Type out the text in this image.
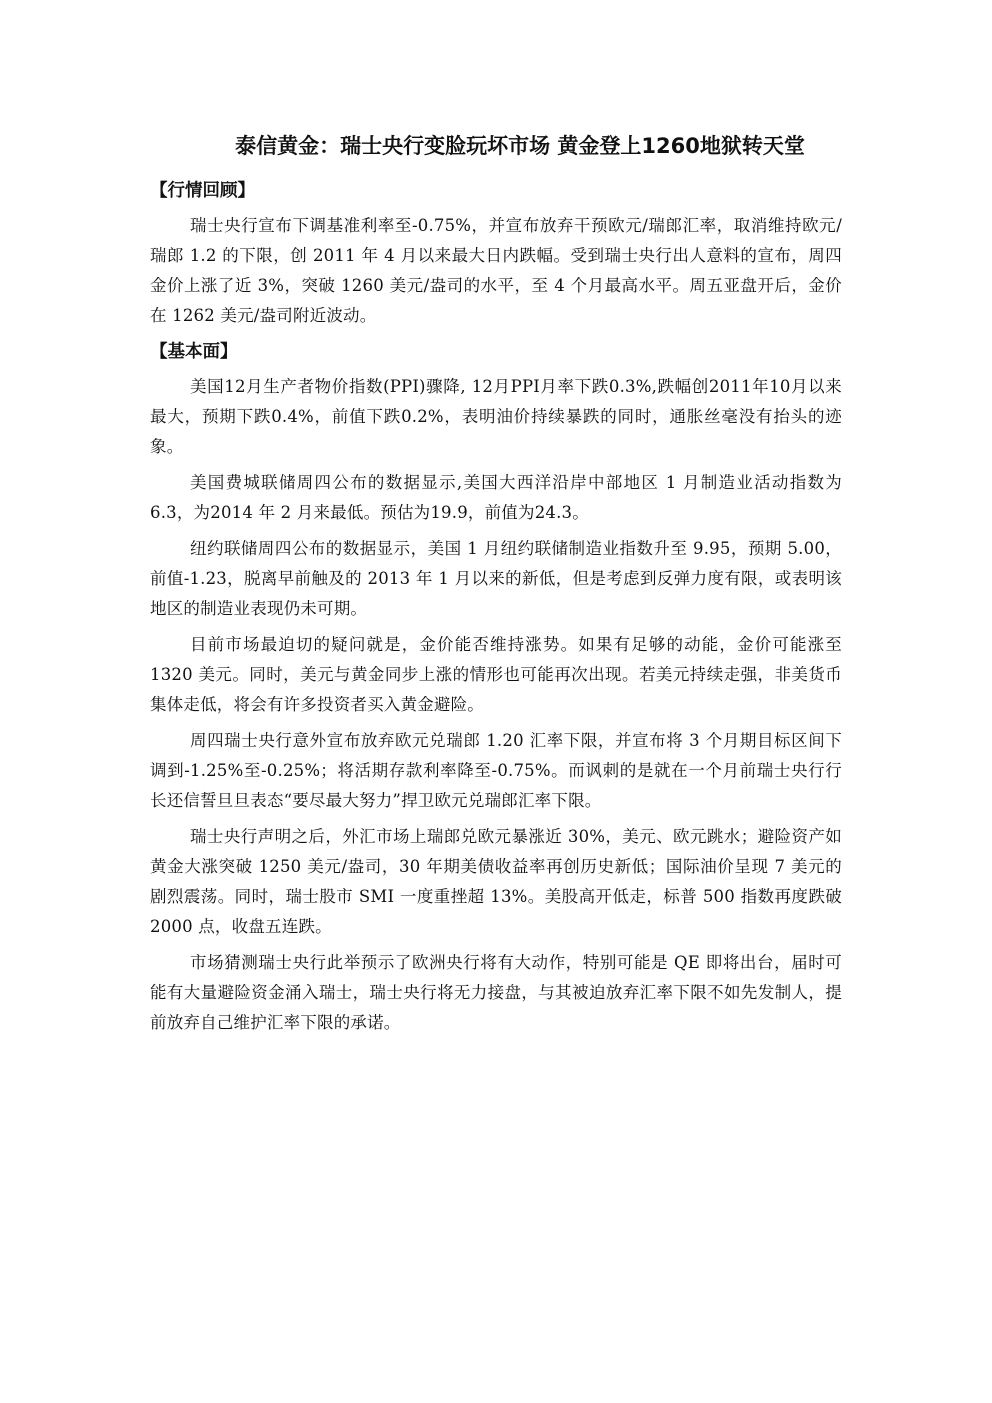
泰信黄金：瑞士央行变脸玩坏市场 黄金登上1260地狱转天堂
【行情回顾】

瑞士央行宣布下调基准利率至-0.75%，并宣布放弃干预欧元/瑞郎汇率，取消维持欧元/瑞郎 1.2 的下限，创 2011 年 4 月以来最大日内跌幅。受到瑞士央行出人意料的宣布，周四金价上涨了近 3%，突破 1260 美元/盎司的水平，至 4 个月最高水平。周五亚盘开后，金价在 1262 美元/盎司附近波动。

【基本面】

美国12月生产者物价指数(PPI)骤降, 12月PPI月率下跌0.3%,跌幅创2011年10月以来最大，预期下跌0.4%，前值下跌0.2%，表明油价持续暴跌的同时，通胀丝毫没有抬头的迹象。

美国费城联储周四公布的数据显示,美国大西洋沿岸中部地区 1 月制造业活动指数为6.3，为2014 年 2 月来最低。预估为19.9，前值为24.3。

纽约联储周四公布的数据显示，美国 1 月纽约联储制造业指数升至 9.95，预期 5.00，前值-1.23，脱离早前触及的 2013 年 1 月以来的新低，但是考虑到反弹力度有限，或表明该地区的制造业表现仍未可期。

目前市场最迫切的疑问就是，金价能否维持涨势。如果有足够的动能，金价可能涨至 1320 美元。同时，美元与黄金同步上涨的情形也可能再次出现。若美元持续走强，非美货币集体走低，将会有许多投资者买入黄金避险。

周四瑞士央行意外宣布放弃欧元兑瑞郎 1.20 汇率下限，并宣布将 3 个月期目标区间下调到-1.25%至-0.25%；将活期存款利率降至-0.75%。而讽刺的是就在一个月前瑞士央行行长还信誓旦旦表态“要尽最大努力”捍卫欧元兑瑞郎汇率下限。

瑞士央行声明之后，外汇市场上瑞郎兑欧元暴涨近 30%，美元、欧元跳水；避险资产如黄金大涨突破 1250 美元/盎司，30 年期美债收益率再创历史新低；国际油价呈现 7 美元的剧烈震荡。同时，瑞士股市 SMI 一度重挫超 13%。美股高开低走，标普 500 指数再度跌破 2000 点，收盘五连跌。

市场猜测瑞士央行此举预示了欧洲央行将有大动作，特别可能是 QE 即将出台，届时可能有大量避险资金涌入瑞士，瑞士央行将无力接盘，与其被迫放弃汇率下限不如先发制人，提前放弃自己维护汇率下限的承诺。
